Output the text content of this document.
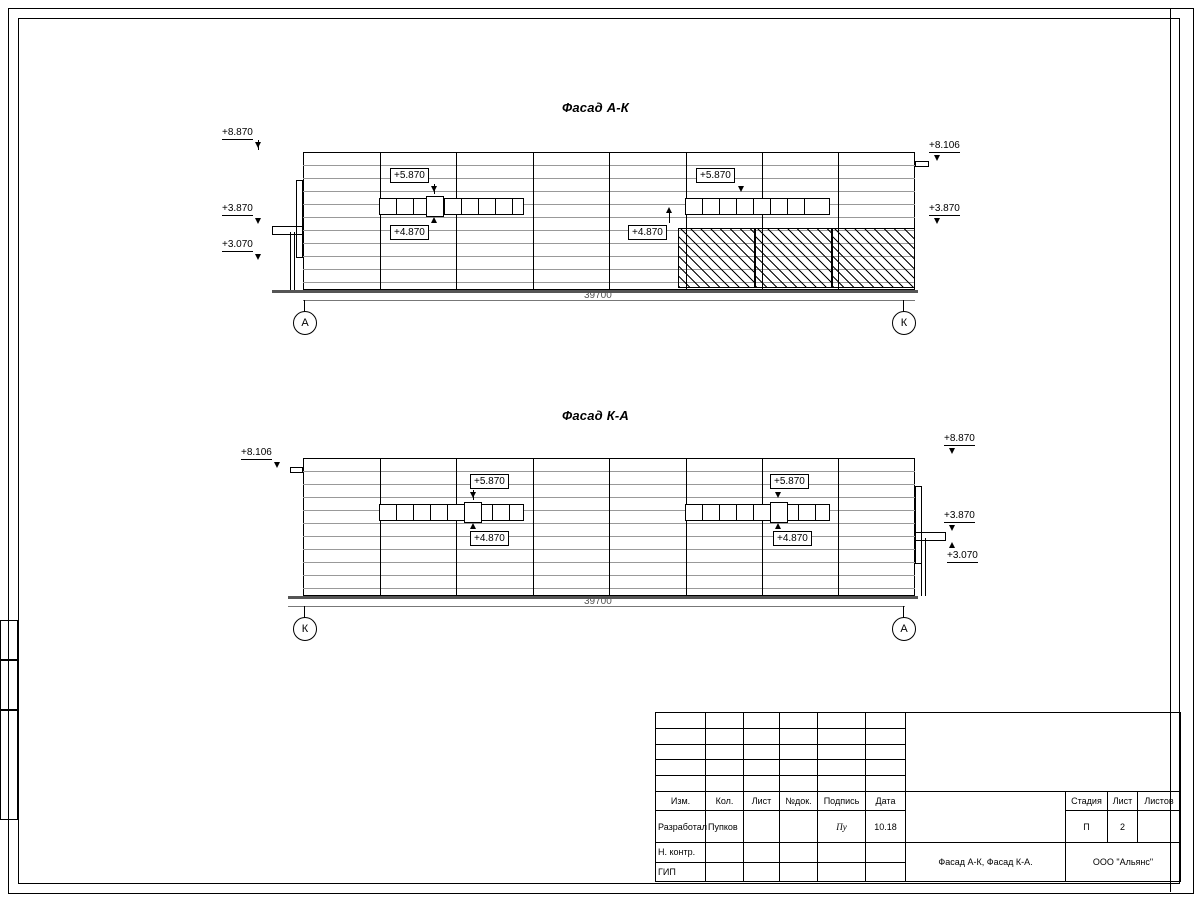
Фасад А-К
39700
А	К
+8.870
+3.870
+3.070
+8.106
+3.870
+5.870
+4.870
+5.870
+4.870
Фасад К-А
39700
К	А
+8.106
+8.870
+3.870
+3.070
+5.870
+4.870
+5.870
+4.870

Изм.	Кол.	Лист	№док.	Подпись	Дата		Стадия	Лист	Листов
Разработал	Пупков			Пу	10.18		П	2	
Н. контр.						Фасад А-К, Фасад К-А.	ООО "Альянс"		
ГИП									
